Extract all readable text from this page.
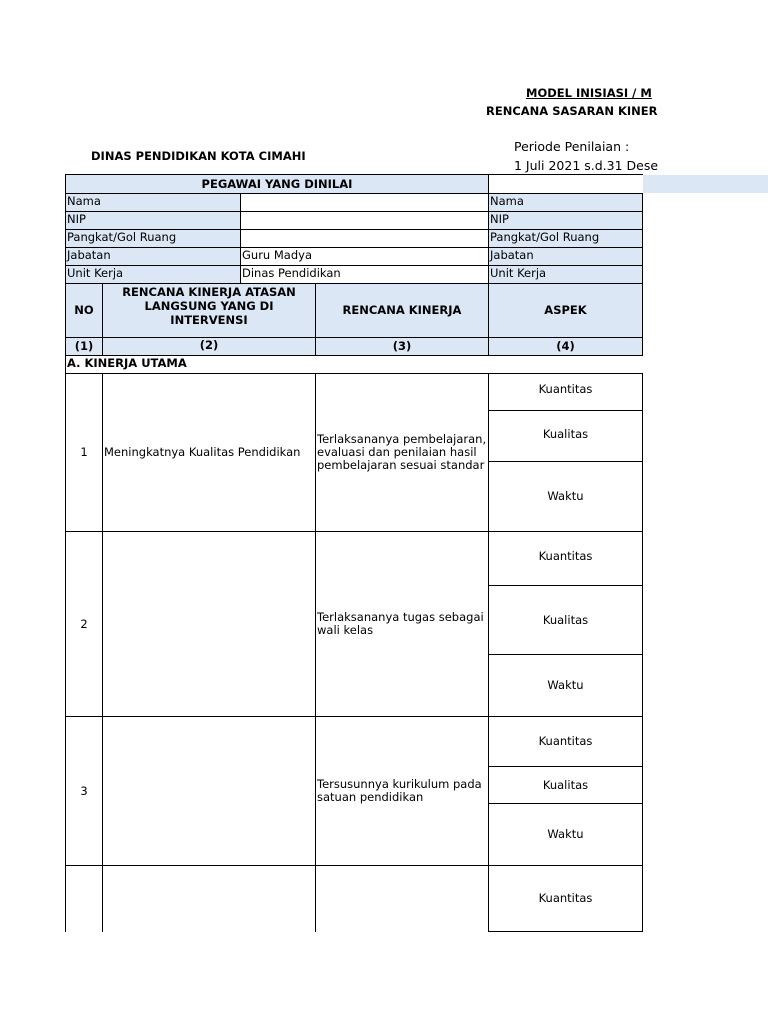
MODEL INISIASI / M
RENCANA SASARAN KINER
DINAS PENDIDIKAN KOTA CIMAHI
Periode Penilaian :
1 Juli 2021 s.d.31 Dese
PEGAWAI YANG DINILAI				
Nama				Nama
NIP				NIP
Pangkat/Gol Ruang				Pangkat/Gol Ruang
Jabatan		Guru Madya		Jabatan
Unit Kerja		Dinas Pendidikan		Unit Kerja
NO	RENCANA KINERJA ATASAN LANGSUNG YANG DI INTERVENSI		RENCANA KINERJA	ASPEK
(1)	(2)		(3)	(4)
A. KINERJA UTAMA				
1	Meningkatnya Kualitas Pendidikan		Terlaksananya pembelajaran, evaluasi dan penilaian hasil pembelajaran sesuai standar	Kuantitas
				Kualitas
				Waktu
2			Terlaksananya tugas sebagai wali kelas	Kuantitas
				Kualitas
				Waktu
3			Tersusunnya kurikulum pada satuan pendidikan	Kuantitas
				Kualitas
				Waktu
				Kuantitas
